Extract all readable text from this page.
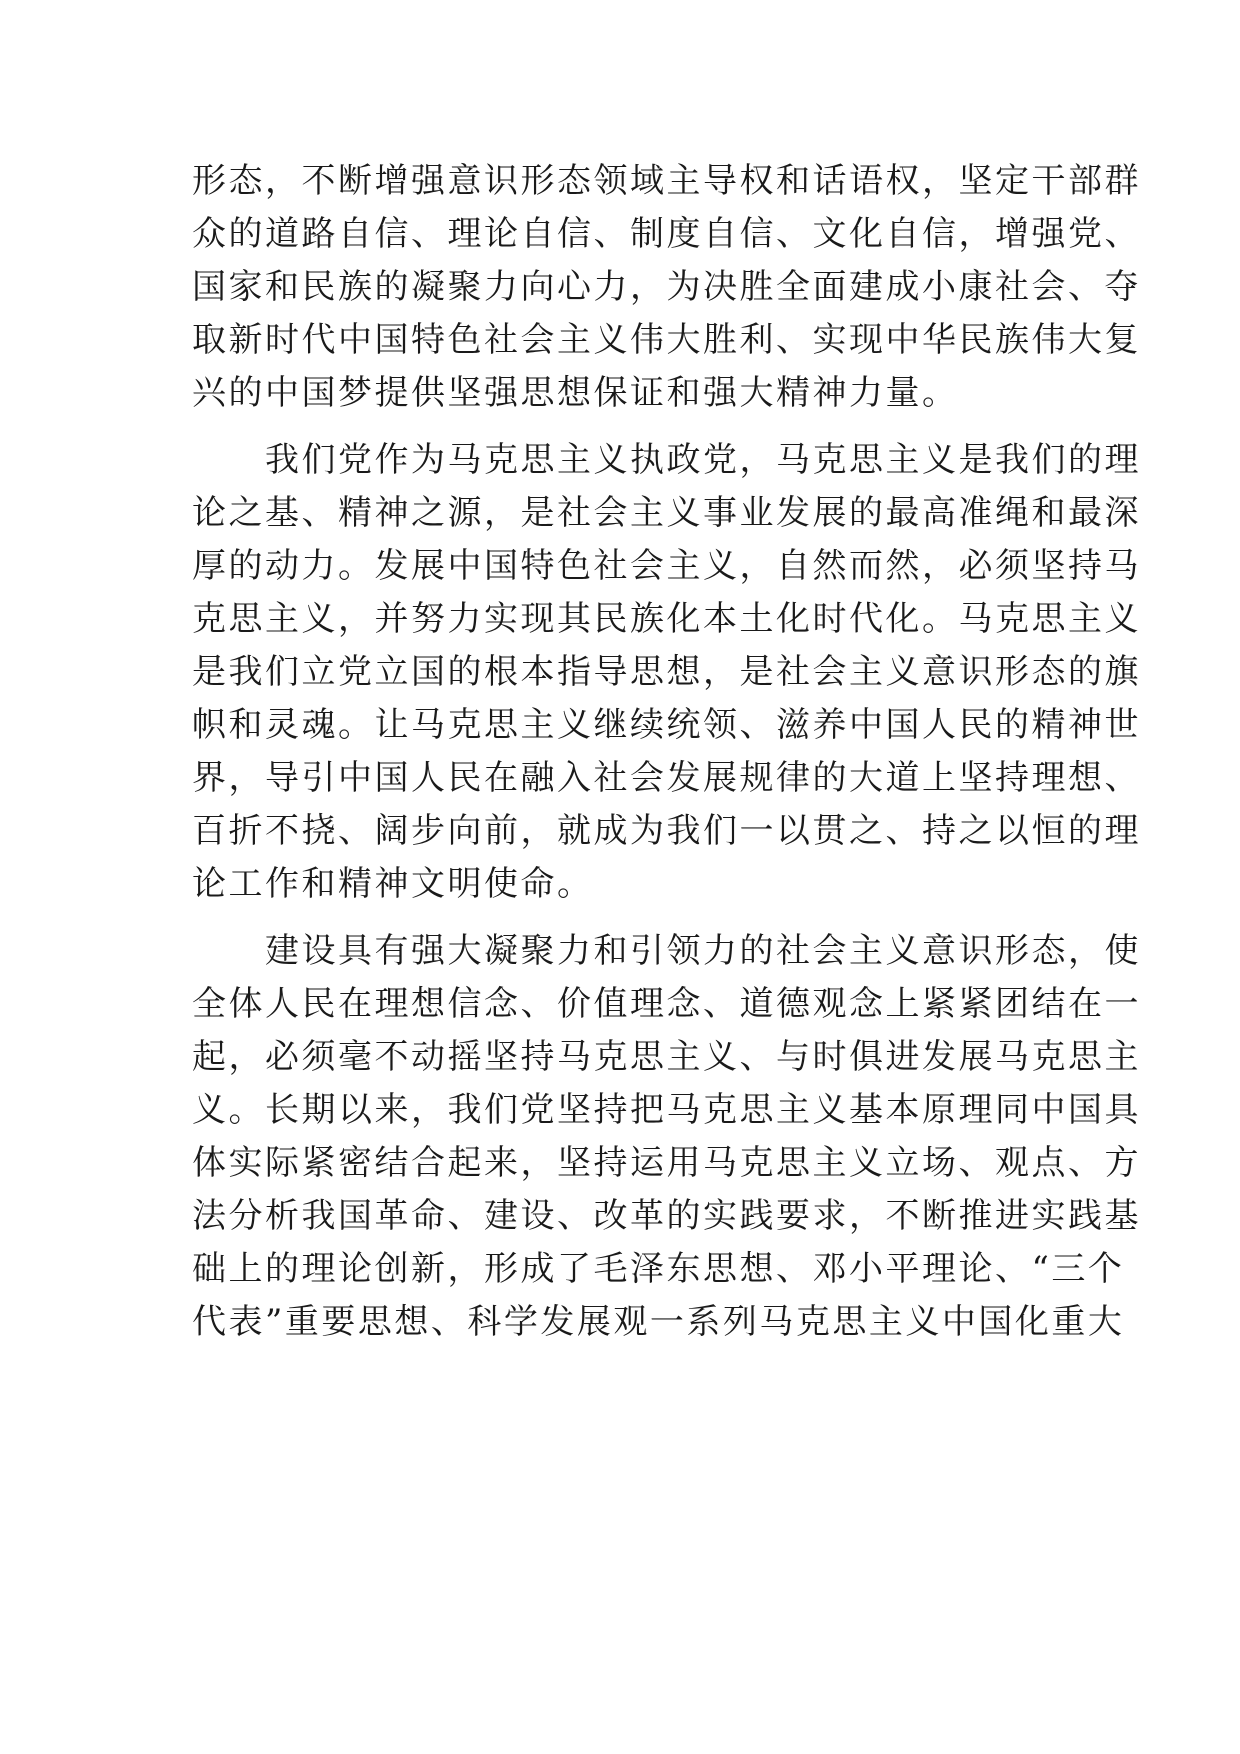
形态，不断增强意识形态领域主导权和话语权，坚定干部群
众的道路自信、理论自信、制度自信、文化自信，增强党、
国家和民族的凝聚力向心力，为决胜全面建成小康社会、夺
取新时代中国特色社会主义伟大胜利、实现中华民族伟大复
兴的中国梦提供坚强思想保证和强大精神力量。
　　我们党作为马克思主义执政党，马克思主义是我们的理
论之基、精神之源，是社会主义事业发展的最高准绳和最深
厚的动力。发展中国特色社会主义，自然而然，必须坚持马
克思主义，并努力实现其民族化本土化时代化。马克思主义
是我们立党立国的根本指导思想，是社会主义意识形态的旗
帜和灵魂。让马克思主义继续统领、滋养中国人民的精神世
界，导引中国人民在融入社会发展规律的大道上坚持理想、
百折不挠、阔步向前，就成为我们一以贯之、持之以恒的理
论工作和精神文明使命。
　　建设具有强大凝聚力和引领力的社会主义意识形态，使
全体人民在理想信念、价值理念、道德观念上紧紧团结在一
起，必须毫不动摇坚持马克思主义、与时俱进发展马克思主
义。长期以来，我们党坚持把马克思主义基本原理同中国具
体实际紧密结合起来，坚持运用马克思主义立场、观点、方
法分析我国革命、建设、改革的实践要求，不断推进实践基
础上的理论创新，形成了毛泽东思想、邓小平理论、“三个
代表”重要思想、科学发展观一系列马克思主义中国化重大
